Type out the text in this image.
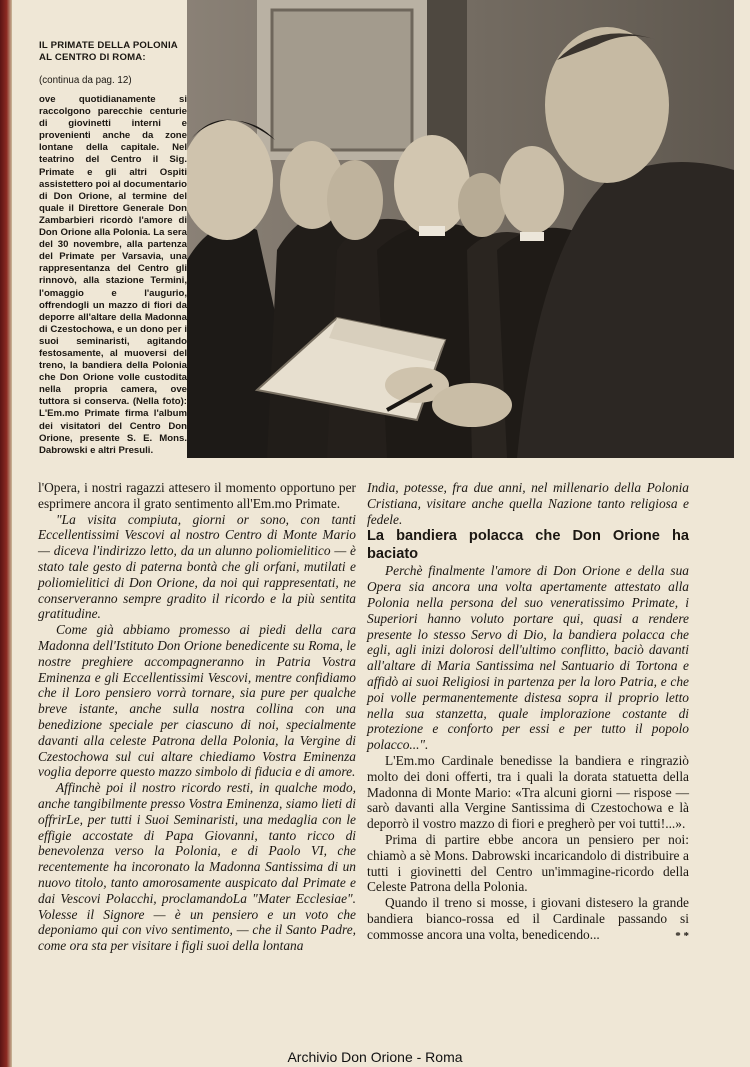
IL PRIMATE DELLA POLONIA AL CENTRO DI ROMA:
(continua da pag. 12)
ove quotidianamente si raccolgono parecchie centurie di giovinetti interni e provenienti anche da zone lontane della capitale. Nel teatrino del Centro il Sig. Primate e gli altri Ospiti assistettero poi al documentario di Don Orione, al termine del quale il Direttore Generale Don Zambarbieri ricordò l'amore di Don Orione alla Polonia. La sera del 30 novembre, alla partenza del Primate per Varsavia, una rappresentanza del Centro gli rinnovò, alla stazione Termini, l'omaggio e l'augurio, offrendogli un mazzo di fiori da deporre all'altare della Madonna di Czestochowa, e un dono per i suoi seminaristi, agitando festosamente, al muoversi del treno, la bandiera della Polonia che Don Orione volle custodita nella propria camera, ove tuttora si conserva. (Nella foto): L'Em.mo Primate firma l'album dei visitatori del Centro Don Orione, presente S. E. Mons. Dabrowski e altri Presuli.

l'Opera, i nostri ragazzi attesero il momento opportuno per esprimere ancora il grato sentimento all'Em.mo Primate.

"La visita compiuta, giorni or sono, con tanti Eccellentissimi Vescovi al nostro Centro di Monte Mario — diceva l'indirizzo letto, da un alunno poliomielitico — è stato tale gesto di paterna bontà che gli orfani, mutilati e poliomielitici di Don Orione, da noi qui rappresentati, ne conserveranno sempre gradito il ricordo e la più sentita gratitudine.

Come già abbiamo promesso ai piedi della cara Madonna dell'Istituto Don Orione benedicente su Roma, le nostre preghiere accompagneranno in Patria Vostra Eminenza e gli Eccellentissimi Vescovi, mentre confidiamo che il Loro pensiero vorrà tornare, sia pure per qualche breve istante, anche sulla nostra collina con una benedizione speciale per ciascuno di noi, specialmente davanti alla celeste Patrona della Polonia, la Vergine di Czestochowa sul cui altare chiediamo Vostra Eminenza voglia deporre questo mazzo simbolo di fiducia e di amore.

Affinchè poi il nostro ricordo resti, in qualche modo, anche tangibilmente presso Vostra Eminenza, siamo lieti di offrirLe, per tutti i Suoi Seminaristi, una medaglia con le effigie accostate di Papa Giovanni, tanto ricco di benevolenza verso la Polonia, e di Paolo VI, che recentemente ha incoronato la Madonna Santissima di un nuovo titolo, tanto amorosamente auspicato dal Primate e dai Vescovi Polacchi, proclamandoLa "Mater Ecclesiae". Volesse il Signore — è un pensiero e un voto che deponiamo qui con vivo sentimento, — che il Santo Padre, come ora sta per visitare i figli suoi della lontana

India, potesse, fra due anni, nel millenario della Polonia Cristiana, visitare anche quella Nazione tanto religiosa e fedele.

La bandiera polacca che Don Orione ha baciato

Perchè finalmente l'amore di Don Orione e della sua Opera sia ancora una volta apertamente attestato alla Polonia nella persona del suo veneratissimo Primate, i Superiori hanno voluto portare qui, quasi a rendere presente lo stesso Servo di Dio, la bandiera polacca che egli, agli inizi dolorosi dell'ultimo conflitto, baciò davanti all'altare di Maria Santissima nel Santuario di Tortona e affidò ai suoi Religiosi in partenza per la loro Patria, e che poi volle permanentemente distesa sopra il proprio letto nella sua stanzetta, quale implorazione costante di protezione e conforto per essi e per tutto il popolo polacco...".

L'Em.mo Cardinale benedisse la bandiera e ringraziò molto dei doni offerti, tra i quali la dorata statuetta della Madonna di Monte Mario: «Tra alcuni giorni — rispose — sarò davanti alla Vergine Santissima di Czestochowa e là deporrò il vostro mazzo di fiori e pregherò per voi tutti!...».

Prima di partire ebbe ancora un pensiero per noi: chiamò a sè Mons. Dabrowski incaricandolo di distribuire a tutti i giovinetti del Centro un'immagine-ricordo della Celeste Patrona della Polonia.

Quando il treno si mosse, i giovani distesero la grande bandiera bianco-rossa ed il Cardinale passando si commosse ancora una volta, benedicendo...	* *
Archivio Don Orione - Roma
